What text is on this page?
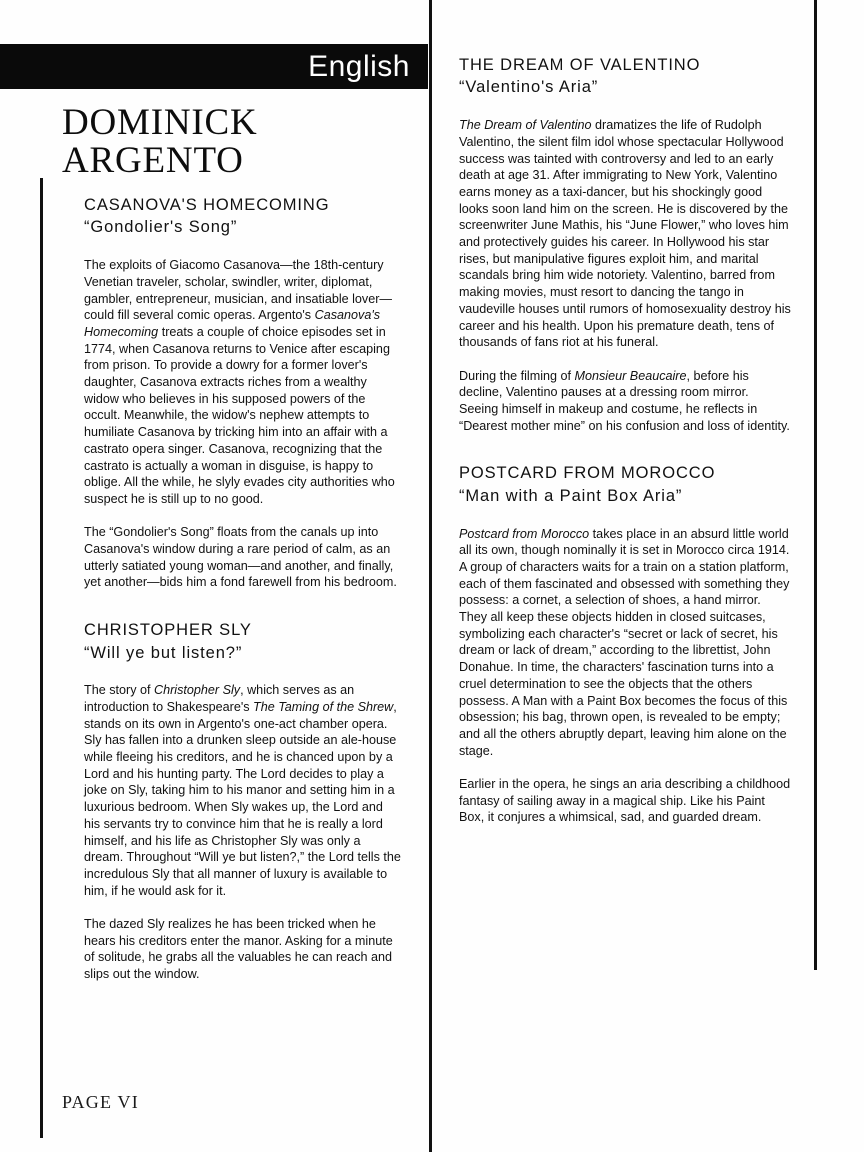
English
DOMINICK
ARGENTO
CASANOVA'S HOMECOMING
“Gondolier's Song”

The exploits of Giacomo Casanova—the 18th-century Venetian traveler, scholar, swindler, writer, diplomat, gambler, entrepreneur, musician, and insatiable lover—could fill several comic operas. Argento's Casanova's Homecoming treats a couple of choice episodes set in 1774, when Casanova returns to Venice after escaping from prison. To provide a dowry for a former lover's daughter, Casanova extracts riches from a wealthy widow who believes in his supposed powers of the occult. Meanwhile, the widow's nephew attempts to humiliate Casanova by tricking him into an affair with a castrato opera singer. Casanova, recognizing that the castrato is actually a woman in disguise, is happy to oblige. All the while, he slyly evades city authorities who suspect he is still up to no good.

The “Gondolier's Song” floats from the canals up into Casanova's window during a rare period of calm, as an utterly satiated young woman—and another, and finally, yet another—bids him a fond farewell from his bedroom.

CHRISTOPHER SLY
“Will ye but listen?”

The story of Christopher Sly, which serves as an introduction to Shakespeare's The Taming of the Shrew, stands on its own in Argento's one-act chamber opera. Sly has fallen into a drunken sleep outside an ale-house while fleeing his creditors, and he is chanced upon by a Lord and his hunting party. The Lord decides to play a joke on Sly, taking him to his manor and setting him in a luxurious bedroom. When Sly wakes up, the Lord and his servants try to convince him that he is really a lord himself, and his life as Christopher Sly was only a dream. Throughout “Will ye but listen?,” the Lord tells the incredulous Sly that all manner of luxury is available to him, if he would ask for it.

The dazed Sly realizes he has been tricked when he hears his creditors enter the manor. Asking for a minute of solitude, he grabs all the valuables he can reach and slips out the window.

THE DREAM OF VALENTINO
“Valentino's Aria”

The Dream of Valentino dramatizes the life of Rudolph Valentino, the silent film idol whose spectacular Hollywood success was tainted with controversy and led to an early death at age 31. After immigrating to New York, Valentino earns money as a taxi-dancer, but his shockingly good looks soon land him on the screen. He is discovered by the screenwriter June Mathis, his “June Flower,” who loves him and protectively guides his career. In Hollywood his star rises, but manipulative figures exploit him, and marital scandals bring him wide notoriety. Valentino, barred from making movies, must resort to dancing the tango in vaudeville houses until rumors of homosexuality destroy his career and his health. Upon his premature death, tens of thousands of fans riot at his funeral.

During the filming of Monsieur Beaucaire, before his decline, Valentino pauses at a dressing room mirror. Seeing himself in makeup and costume, he reflects in “Dearest mother mine” on his confusion and loss of identity.

POSTCARD FROM MOROCCO
“Man with a Paint Box Aria”

Postcard from Morocco takes place in an absurd little world all its own, though nominally it is set in Morocco circa 1914. A group of characters waits for a train on a station platform, each of them fascinated and obsessed with something they possess: a cornet, a selection of shoes, a hand mirror. They all keep these objects hidden in closed suitcases, symbolizing each character's “secret or lack of secret, his dream or lack of dream,” according to the librettist, John Donahue. In time, the characters' fascination turns into a cruel determination to see the objects that the others possess. A Man with a Paint Box becomes the focus of this obsession; his bag, thrown open, is revealed to be empty; and all the others abruptly depart, leaving him alone on the stage.

Earlier in the opera, he sings an aria describing a childhood fantasy of sailing away in a magical ship. Like his Paint Box, it conjures a whimsical, sad, and guarded dream.

PAGE VI
